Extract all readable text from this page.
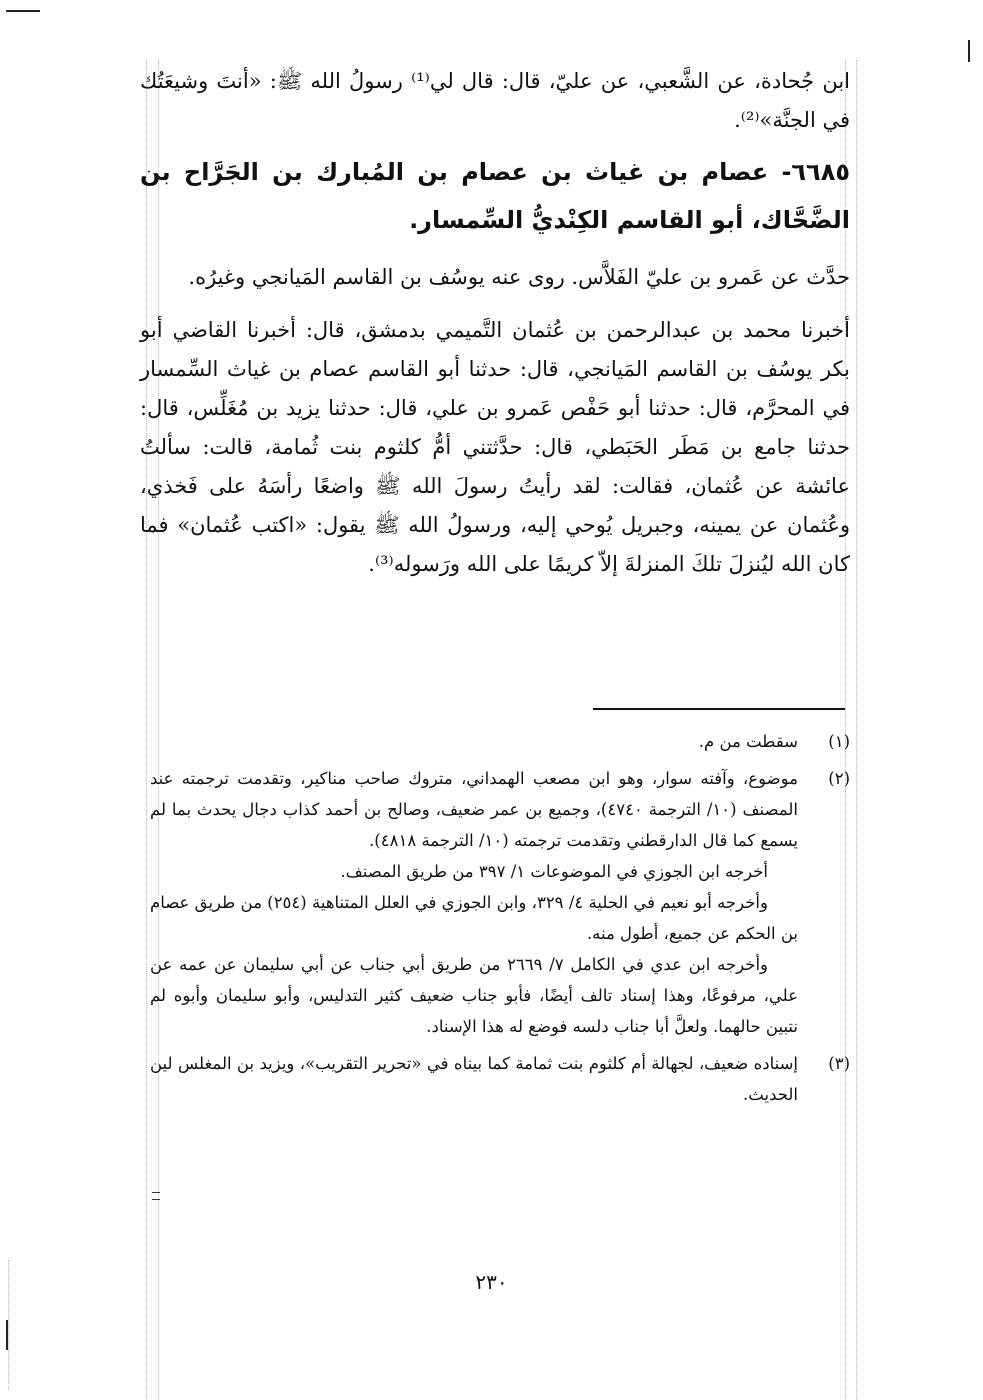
ابن جُحادة، عن الشَّعبي، عن عليّ، قال: قال لي⁽¹⁾ رسولُ الله ﷺ: «أنتَ وشيعَتُك في الجنَّة»⁽²⁾.

٦٦٨٥- عصام بن غياث بن عصام بن المُبارك بن الجَرَّاح بن الضَّحَّاك، أبو القاسم الكِنْديُّ السِّمسار.

حدَّث عن عَمرو بن عليّ الفَلاَّس. روى عنه يوسُف بن القاسم المَيانجي وغيرُه.

أخبرنا محمد بن عبدالرحمن بن عُثمان التَّميمي بدمشق، قال: أخبرنا القاضي أبو بكر يوسُف بن القاسم المَيانجي، قال: حدثنا أبو القاسم عصام بن غياث السِّمسار في المحرَّم، قال: حدثنا أبو حَفْص عَمرو بن علي، قال: حدثنا يزيد بن مُغَلِّس، قال: حدثنا جامع بن مَطَر الحَبَطي، قال: حدَّثتني أمُّ كلثوم بنت ثُمامة، قالت: سألتُ عائشة عن عُثمان، فقالت: لقد رأيتُ رسولَ الله ﷺ واضعًا رأسَهُ على فَخذي، وعُثمان عن يمينه، وجبريل يُوحي إليه، ورسولُ الله ﷺ يقول: «اكتب عُثمان» فما كان الله ليُنزلَ تلكَ المنزلةَ إلاّ كريمًا على الله ورَسوله⁽³⁾.

(١)

سقطت من م.

(٢)

موضوع، وآفته سوار، وهو ابن مصعب الهمداني، متروك صاحب مناكير، وتقدمت ترجمته عند المصنف (١٠/ الترجمة ٤٧٤٠)، وجميع بن عمر ضعيف، وصالح بن أحمد كذاب دجال يحدث بما لم يسمع كما قال الدارقطني وتقدمت ترجمته (١٠/ الترجمة ٤٨١٨).

أخرجه ابن الجوزي في الموضوعات ١/ ٣٩٧ من طريق المصنف.

وأخرجه أبو نعيم في الحلية ٤/ ٣٢٩، وابن الجوزي في العلل المتناهية (٢٥٤) من طريق عصام بن الحكم عن جميع، أطول منه.

وأخرجه ابن عدي في الكامل ٧/ ٢٦٦٩ من طريق أبي جناب عن أبي سليمان عن عمه عن علي، مرفوعًا، وهذا إسناد تالف أيضًا، فأبو جناب ضعيف كثير التدليس، وأبو سليمان وأبوه لم نتبين حالهما. ولعلَّ أبا جناب دلسه فوضع له هذا الإسناد.

(٣)

إسناده ضعيف، لجهالة أم كلثوم بنت ثمامة كما بيناه في «تحرير التقريب»، ويزيد بن المغلس لين الحديث.

٢٣٠
